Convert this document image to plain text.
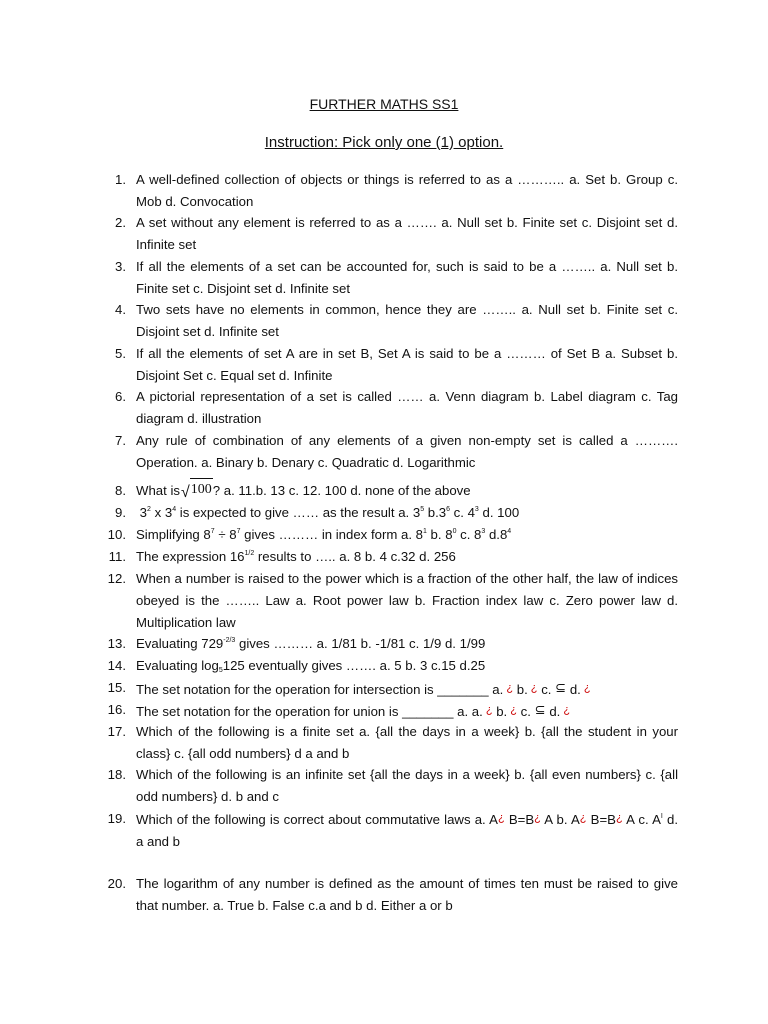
FURTHER MATHS SS1
Instruction: Pick only one (1) option.
1. A well-defined collection of objects or things is referred to as a ……….. a. Set b. Group c. Mob d. Convocation
2. A set without any element is referred to as a ……. a. Null set b. Finite set c. Disjoint set d. Infinite set
3. If all the elements of a set can be accounted for, such is said to be a …….. a. Null set b. Finite set c. Disjoint set d. Infinite set
4. Two sets have no elements in common, hence they are …….. a. Null set b. Finite set c. Disjoint set d. Infinite set
5. If all the elements of set A are in set B, Set A is said to be a ……… of Set B a. Subset b. Disjoint Set c. Equal set d. Infinite
6. A pictorial representation of a set is called …… a. Venn diagram b. Label diagram c. Tag diagram d. illustration
7. Any rule of combination of any elements of a given non-empty set is called a ………. Operation. a. Binary b. Denary c. Quadratic d. Logarithmic
8. What is√100? a. 11.b. 13 c. 12. 100 d. none of the above
9. $3^2$ x $3^4$ is expected to give …… as the result a. $3^5$ $b.3^6$ c. $4^3$ d. 100
10. Simplifying $8^7 \div 8^7$ gives ……… in index form a. $8^1$ b. $8^0$ c. $8^3$ $d.8^4$
11. The expression $16^{1/2}$ results to ….. a. 8 b. 4 c.32 d. 256
12. When a number is raised to the power which is a fraction of the other half, the law of indices obeyed is the …….. Law a. Root power law b. Fraction index law c. Zero power law d. Multiplication law
13. Evaluating $729^{-2/3}$ gives ……… a. 1/81 b. -1/81 c. 1/9 d. 1/99
14. Evaluating $\log_5125$ eventually gives ……. a. 5 b. 3 c.15 d.25
15. The set notation for the operation for intersection is _______ a. ¿ b. ¿ c. ⊆ d. ¿
16. The set notation for the operation for union is _______ a. a. ¿ b. ¿ c. ⊆ d. ¿
17. Which of the following is a finite set a. {all the days in a week} b. {all the student in your class} c. {all odd numbers} d a and b
18. Which of the following is an infinite set {all the days in a week} b. {all even numbers} c. {all odd numbers} d. b and c
19. Which of the following is correct about commutative laws a. A¿ B=B¿ A b. A¿ B=B¿ A c. $A^I$ d. a and b
20. The logarithm of any number is defined as the amount of times ten must be raised to give that number. a. True b. False c.a and b d. Either a or b
